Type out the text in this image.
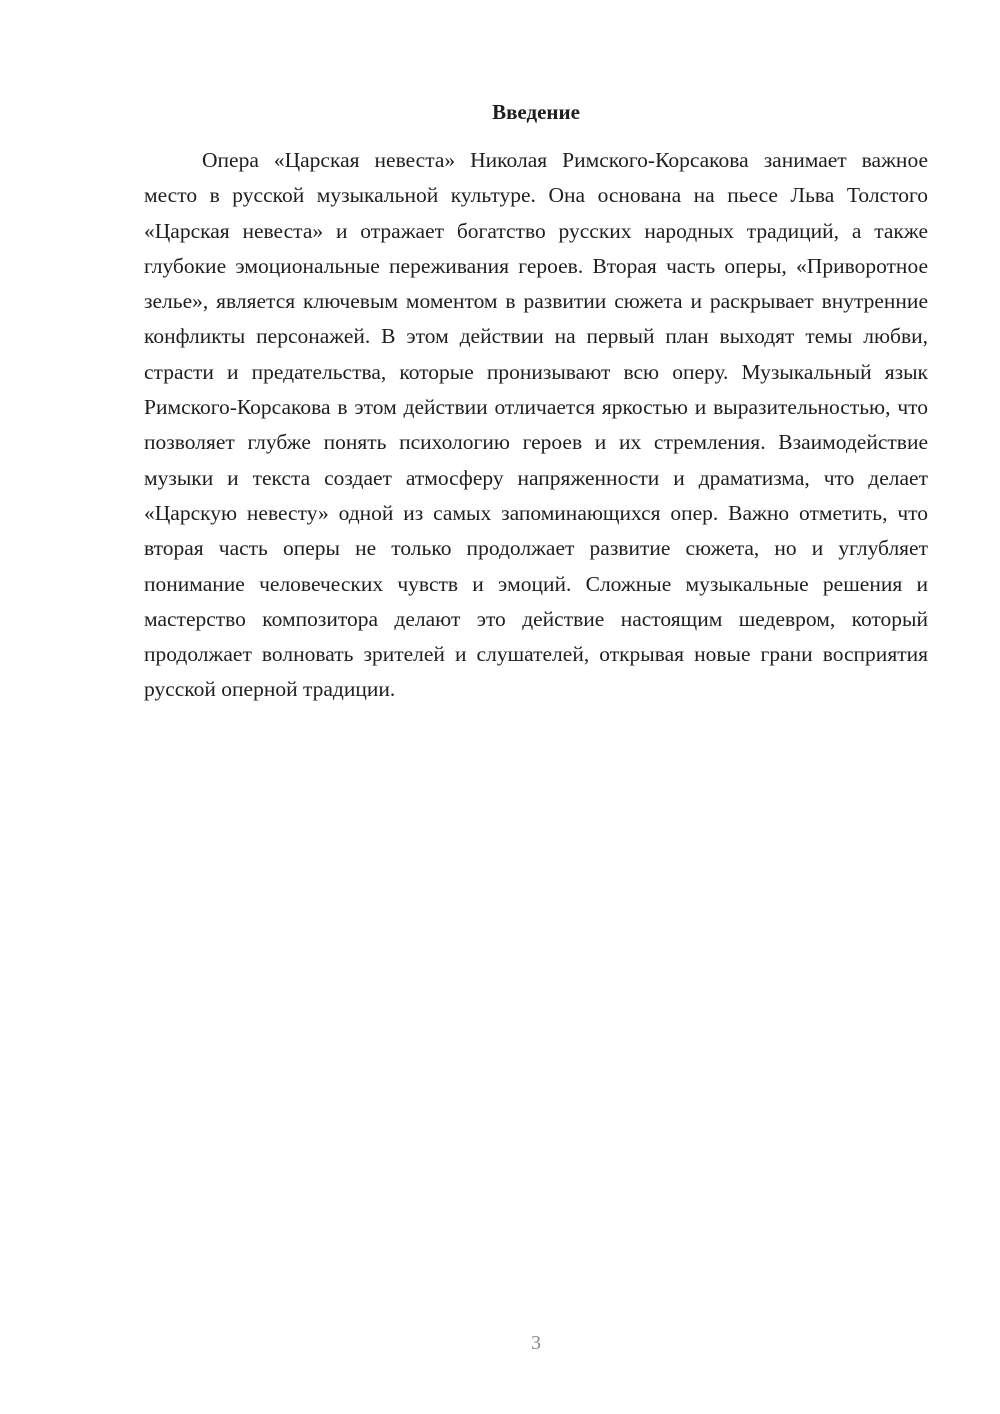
Введение

Опера «Царская невеста» Николая Римского-Корсакова занимает важное место в русской музыкальной культуре. Она основана на пьесе Льва Толстого «Царская невеста» и отражает богатство русских народных традиций, а также глубокие эмоциональные переживания героев. Вторая часть оперы, «Приворотное зелье», является ключевым моментом в развитии сюжета и раскрывает внутренние конфликты персонажей. В этом действии на первый план выходят темы любви, страсти и предательства, которые пронизывают всю оперу. Музыкальный язык Римского-Корсакова в этом действии отличается яркостью и выразительностью, что позволяет глубже понять психологию героев и их стремления. Взаимодействие музыки и текста создает атмосферу напряженности и драматизма, что делает «Царскую невесту» одной из самых запоминающихся опер. Важно отметить, что вторая часть оперы не только продолжает развитие сюжета, но и углубляет понимание человеческих чувств и эмоций. Сложные музыкальные решения и мастерство композитора делают это действие настоящим шедевром, который продолжает волновать зрителей и слушателей, открывая новые грани восприятия русской оперной традиции.

3
